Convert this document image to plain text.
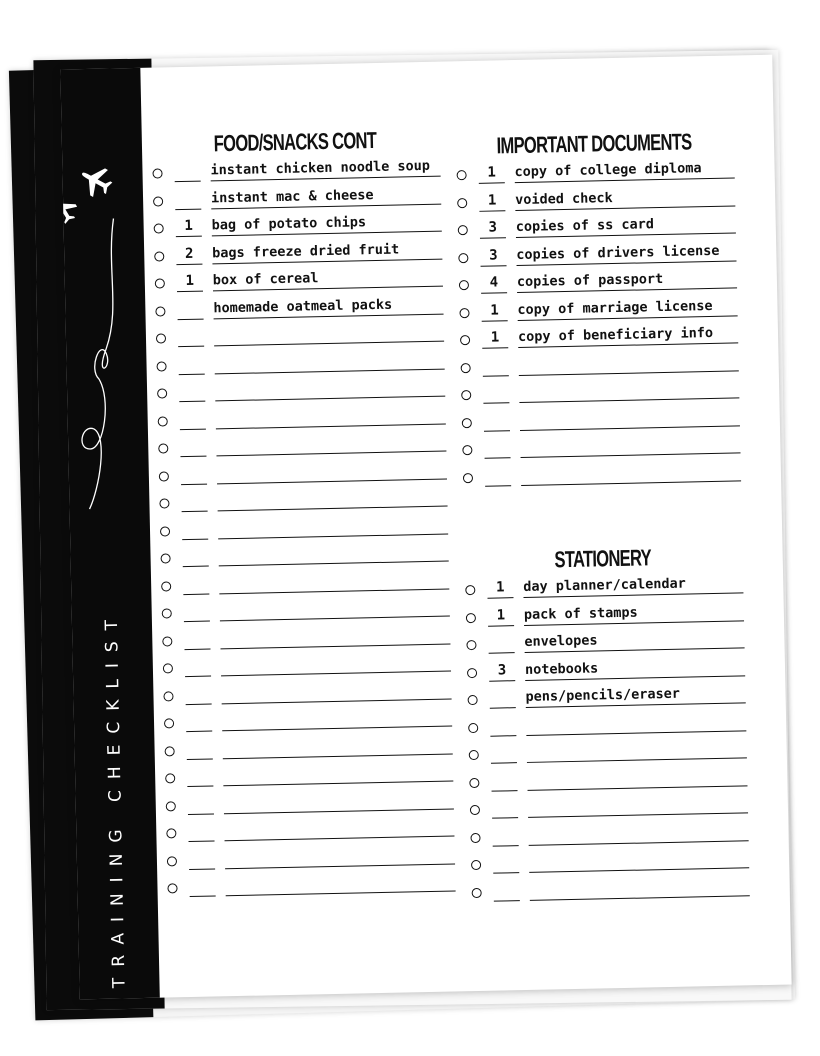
TRAINING CHECKLIST
FOOD/SNACKS CONT
instant chicken noodle soup
instant mac & cheese
1	bag of potato chips
2	bags freeze dried fruit
1	box of cereal
homemade oatmeal packs
IMPORTANT DOCUMENTS
1	copy of college diploma
1	voided check
3	copies of ss card
3	copies of drivers license
4	copies of passport
1	copy of marriage license
1	copy of beneficiary info
STATIONERY
1	day planner/calendar
1	pack of stamps
envelopes
3	notebooks
pens/pencils/eraser
